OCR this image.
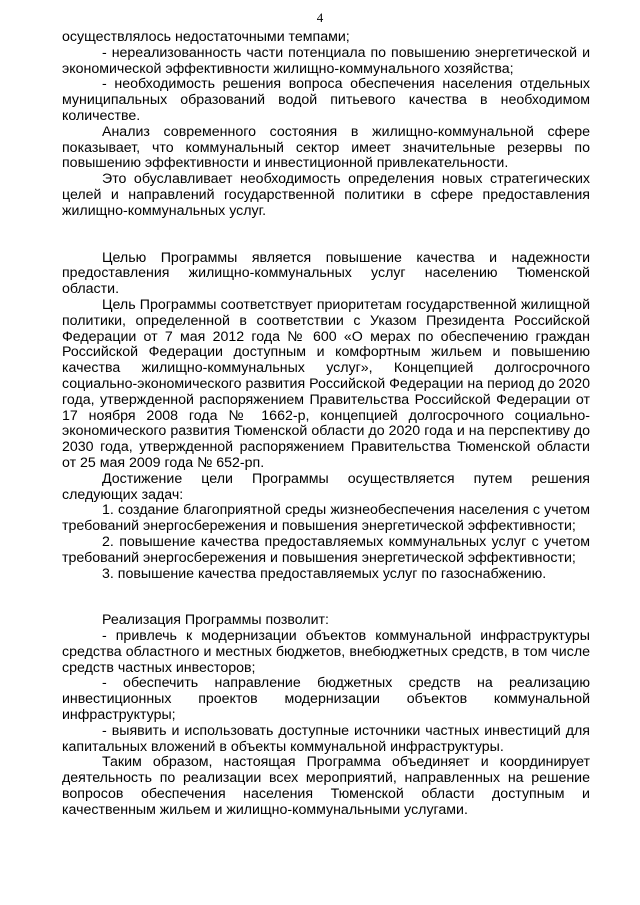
4

осуществлялось недостаточными темпами;

- нереализованность части потенциала по повышению энергетической и экономической эффективности жилищно-коммунального хозяйства;

- необходимость решения вопроса обеспечения населения отдельных муниципальных образований водой питьевого качества в необходимом количестве.

Анализ современного состояния в жилищно-коммунальной сфере показывает, что коммунальный сектор имеет значительные резервы по повышению эффективности и инвестиционной привлекательности.

Это обуславливает необходимость определения новых стратегических целей и направлений государственной политики в сфере предоставления жилищно-коммунальных услуг.

Целью Программы является повышение качества и надежности предоставления жилищно-коммунальных услуг населению Тюменской области.

Цель Программы соответствует приоритетам государственной жилищной политики, определенной в соответствии с Указом Президента Российской Федерации от 7 мая 2012 года № 600 «О мерах по обеспечению граждан Российской Федерации доступным и комфортным жильем и повышению качества жилищно-коммунальных услуг», Концепцией долгосрочного социально-экономического развития Российской Федерации на период до 2020 года, утвержденной распоряжением Правительства Российской Федерации от 17 ноября 2008 года № 1662-р, концепцией долгосрочного социально-экономического развития Тюменской области до 2020 года и на перспективу до 2030 года, утвержденной распоряжением Правительства Тюменской области от 25 мая 2009 года № 652-рп.

Достижение цели Программы осуществляется путем решения следующих задач:

1. создание благоприятной среды жизнеобеспечения населения с учетом требований энергосбережения и повышения энергетической эффективности;

2. повышение качества предоставляемых коммунальных услуг с учетом требований энергосбережения и повышения энергетической эффективности;

3. повышение качества предоставляемых услуг по газоснабжению.

Реализация Программы позволит:

- привлечь к модернизации объектов коммунальной инфраструктуры средства областного и местных бюджетов, внебюджетных средств, в том числе средств частных инвесторов;

- обеспечить направление бюджетных средств на реализацию инвестиционных проектов модернизации объектов коммунальной инфраструктуры;

- выявить и использовать доступные источники частных инвестиций для капитальных вложений в объекты коммунальной инфраструктуры.

Таким образом, настоящая Программа объединяет и координирует деятельность по реализации всех мероприятий, направленных на решение вопросов обеспечения населения Тюменской области доступным и качественным жильем и жилищно-коммунальными услугами.
